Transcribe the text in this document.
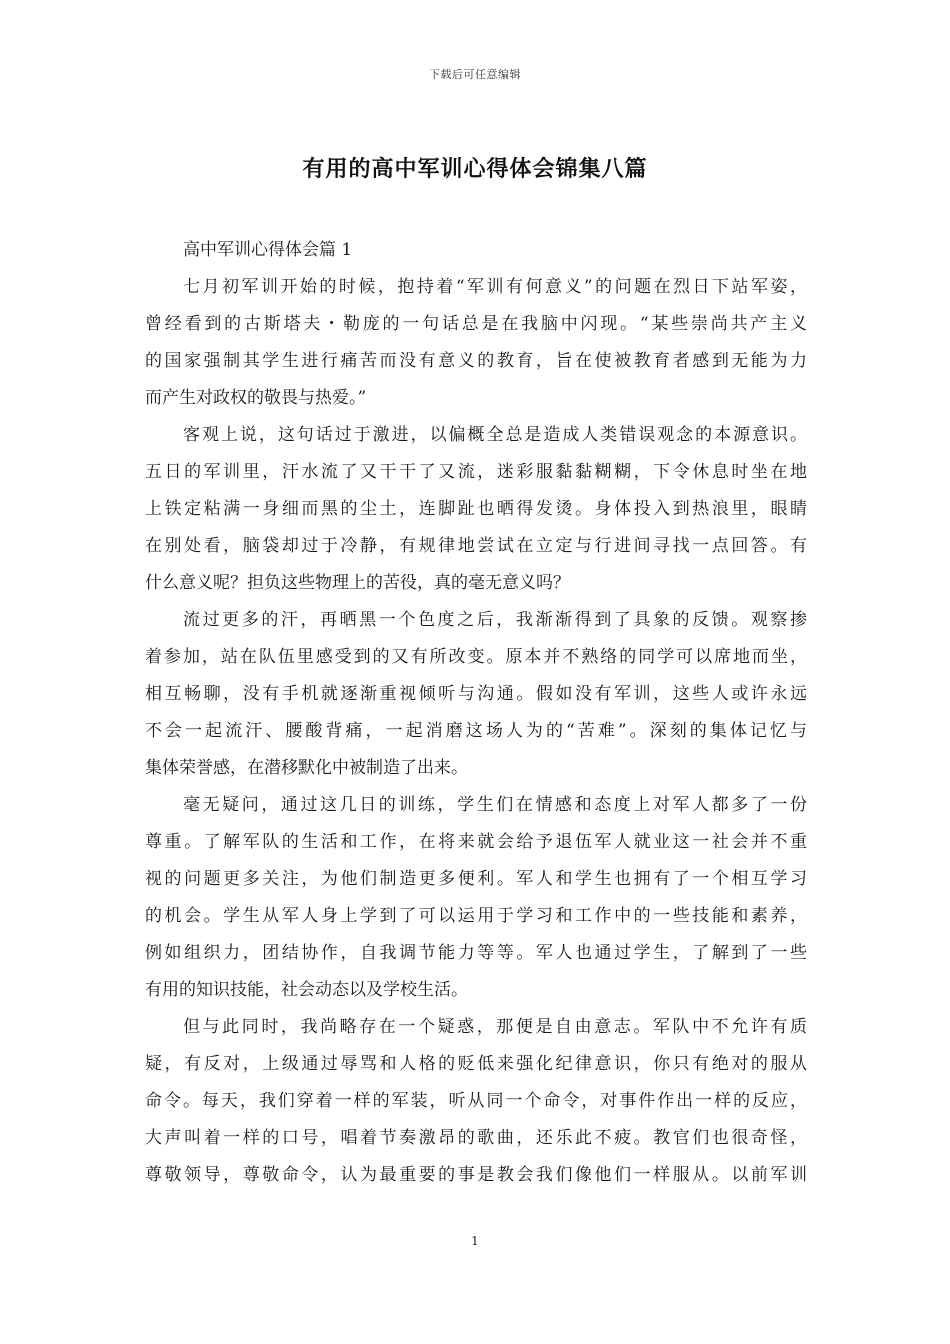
下载后可任意编辑
有用的高中军训心得体会锦集八篇
高中军训心得体会篇 1
七月初军训开始的时候，抱持着“军训有何意义”的问题在烈日下站军姿，
曾经看到的古斯塔夫・勒庞的一句话总是在我脑中闪现。“某些崇尚共产主义
的国家强制其学生进行痛苦而没有意义的教育，旨在使被教育者感到无能为力
而产生对政权的敬畏与热爱。”
客观上说，这句话过于激进，以偏概全总是造成人类错误观念的本源意识。
五日的军训里，汗水流了又干干了又流，迷彩服黏黏糊糊，下令休息时坐在地
上铁定粘满一身细而黑的尘土，连脚趾也晒得发烫。身体投入到热浪里，眼睛
在别处看，脑袋却过于冷静，有规律地尝试在立定与行进间寻找一点回答。有
什么意义呢？担负这些物理上的苦役，真的毫无意义吗？
流过更多的汗，再晒黑一个色度之后，我渐渐得到了具象的反馈。观察掺
着参加，站在队伍里感受到的又有所改变。原本并不熟络的同学可以席地而坐，
相互畅聊，没有手机就逐渐重视倾听与沟通。假如没有军训，这些人或许永远
不会一起流汗、腰酸背痛，一起消磨这场人为的“苦难”。深刻的集体记忆与
集体荣誉感，在潜移默化中被制造了出来。
毫无疑问，通过这几日的训练，学生们在情感和态度上对军人都多了一份
尊重。了解军队的生活和工作，在将来就会给予退伍军人就业这一社会并不重
视的问题更多关注，为他们制造更多便利。军人和学生也拥有了一个相互学习
的机会。学生从军人身上学到了可以运用于学习和工作中的一些技能和素养，
例如组织力，团结协作，自我调节能力等等。军人也通过学生，了解到了一些
有用的知识技能，社会动态以及学校生活。
但与此同时，我尚略存在一个疑惑，那便是自由意志。军队中不允许有质
疑，有反对，上级通过辱骂和人格的贬低来强化纪律意识，你只有绝对的服从
命令。每天，我们穿着一样的军装，听从同一个命令，对事件作出一样的反应，
大声叫着一样的口号，唱着节奏激昂的歌曲，还乐此不疲。教官们也很奇怪，
尊敬领导，尊敬命令，认为最重要的事是教会我们像他们一样服从。以前军训
1
